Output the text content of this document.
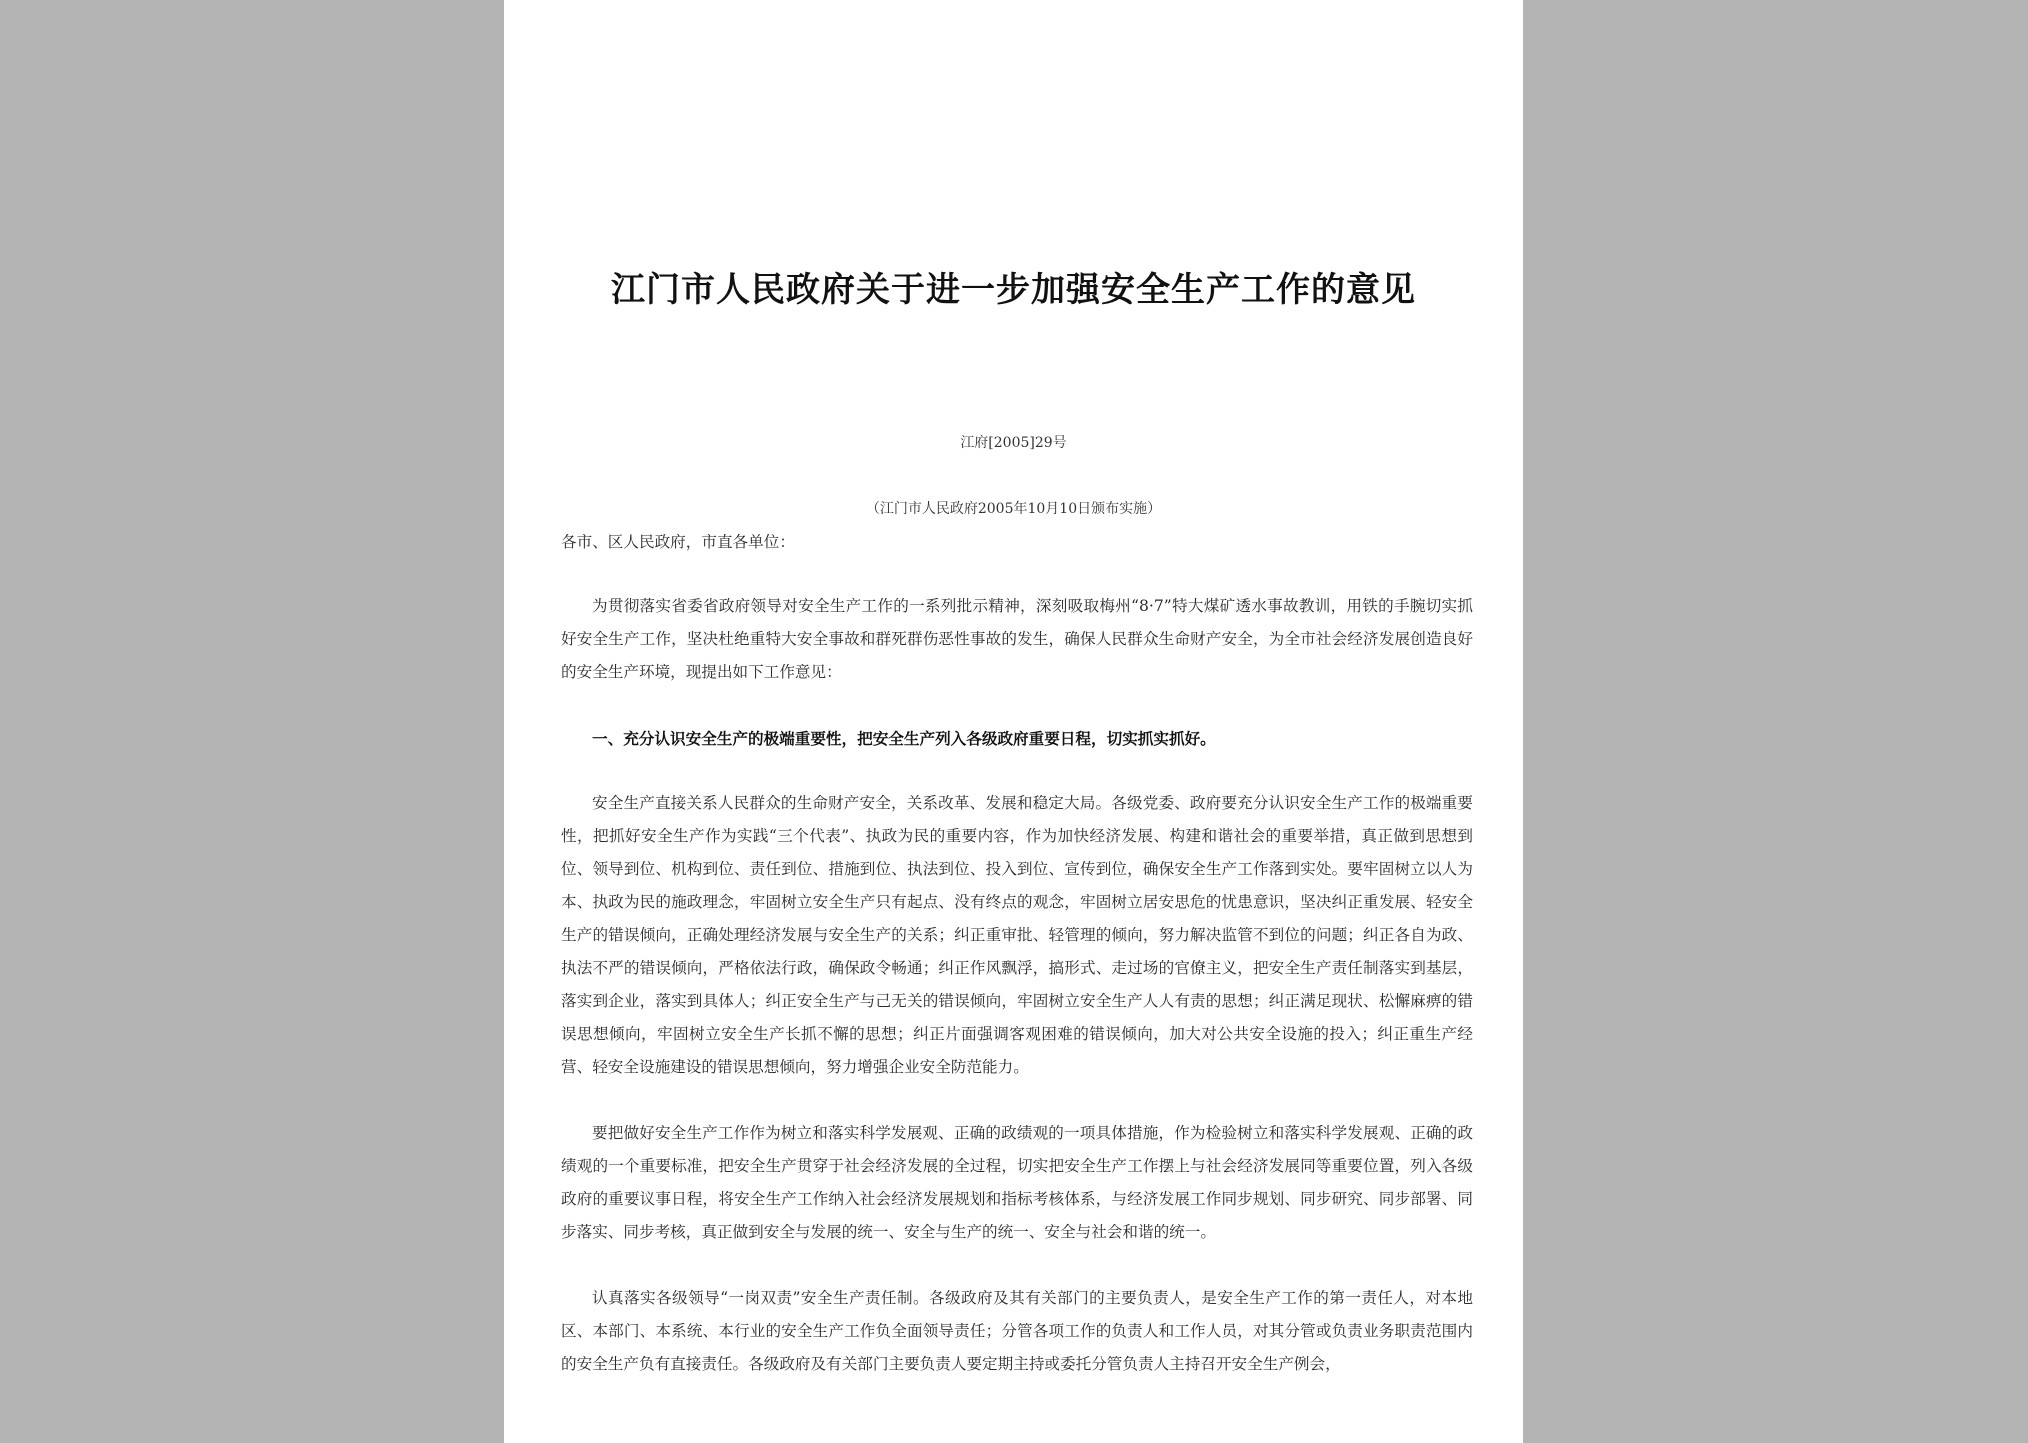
江门市人民政府关于进一步加强安全生产工作的意见
江府[2005]29号
（江门市人民政府2005年10月10日颁布实施）
各市、区人民政府，市直各单位：
为贯彻落实省委省政府领导对安全生产工作的一系列批示精神，深刻吸取梅州“8·7”特大煤矿透水事故教训，用铁的手腕切实抓好安全生产工作，坚决杜绝重特大安全事故和群死群伤恶性事故的发生，确保人民群众生命财产安全，为全市社会经济发展创造良好的安全生产环境，现提出如下工作意见：
一、充分认识安全生产的极端重要性，把安全生产列入各级政府重要日程，切实抓实抓好。
安全生产直接关系人民群众的生命财产安全，关系改革、发展和稳定大局。各级党委、政府要充分认识安全生产工作的极端重要性，把抓好安全生产作为实践“三个代表”、执政为民的重要内容，作为加快经济发展、构建和谐社会的重要举措，真正做到思想到位、领导到位、机构到位、责任到位、措施到位、执法到位、投入到位、宣传到位，确保安全生产工作落到实处。要牢固树立以人为本、执政为民的施政理念，牢固树立安全生产只有起点、没有终点的观念，牢固树立居安思危的忧患意识，坚决纠正重发展、轻安全生产的错误倾向，正确处理经济发展与安全生产的关系；纠正重审批、轻管理的倾向，努力解决监管不到位的问题；纠正各自为政、执法不严的错误倾向，严格依法行政，确保政令畅通；纠正作风飘浮，搞形式、走过场的官僚主义，把安全生产责任制落实到基层，落实到企业，落实到具体人；纠正安全生产与己无关的错误倾向，牢固树立安全生产人人有责的思想；纠正满足现状、松懈麻痹的错误思想倾向，牢固树立安全生产长抓不懈的思想；纠正片面强调客观困难的错误倾向，加大对公共安全设施的投入；纠正重生产经营、轻安全设施建设的错误思想倾向，努力增强企业安全防范能力。
要把做好安全生产工作作为树立和落实科学发展观、正确的政绩观的一项具体措施，作为检验树立和落实科学发展观、正确的政绩观的一个重要标准，把安全生产贯穿于社会经济发展的全过程，切实把安全生产工作摆上与社会经济发展同等重要位置，列入各级政府的重要议事日程，将安全生产工作纳入社会经济发展规划和指标考核体系，与经济发展工作同步规划、同步研究、同步部署、同步落实、同步考核，真正做到安全与发展的统一、安全与生产的统一、安全与社会和谐的统一。
认真落实各级领导“一岗双责”安全生产责任制。各级政府及其有关部门的主要负责人，是安全生产工作的第一责任人，对本地区、本部门、本系统、本行业的安全生产工作负全面领导责任；分管各项工作的负责人和工作人员，对其分管或负责业务职责范围内的安全生产负有直接责任。各级政府及有关部门主要负责人要定期主持或委托分管负责人主持召开安全生产例会，
